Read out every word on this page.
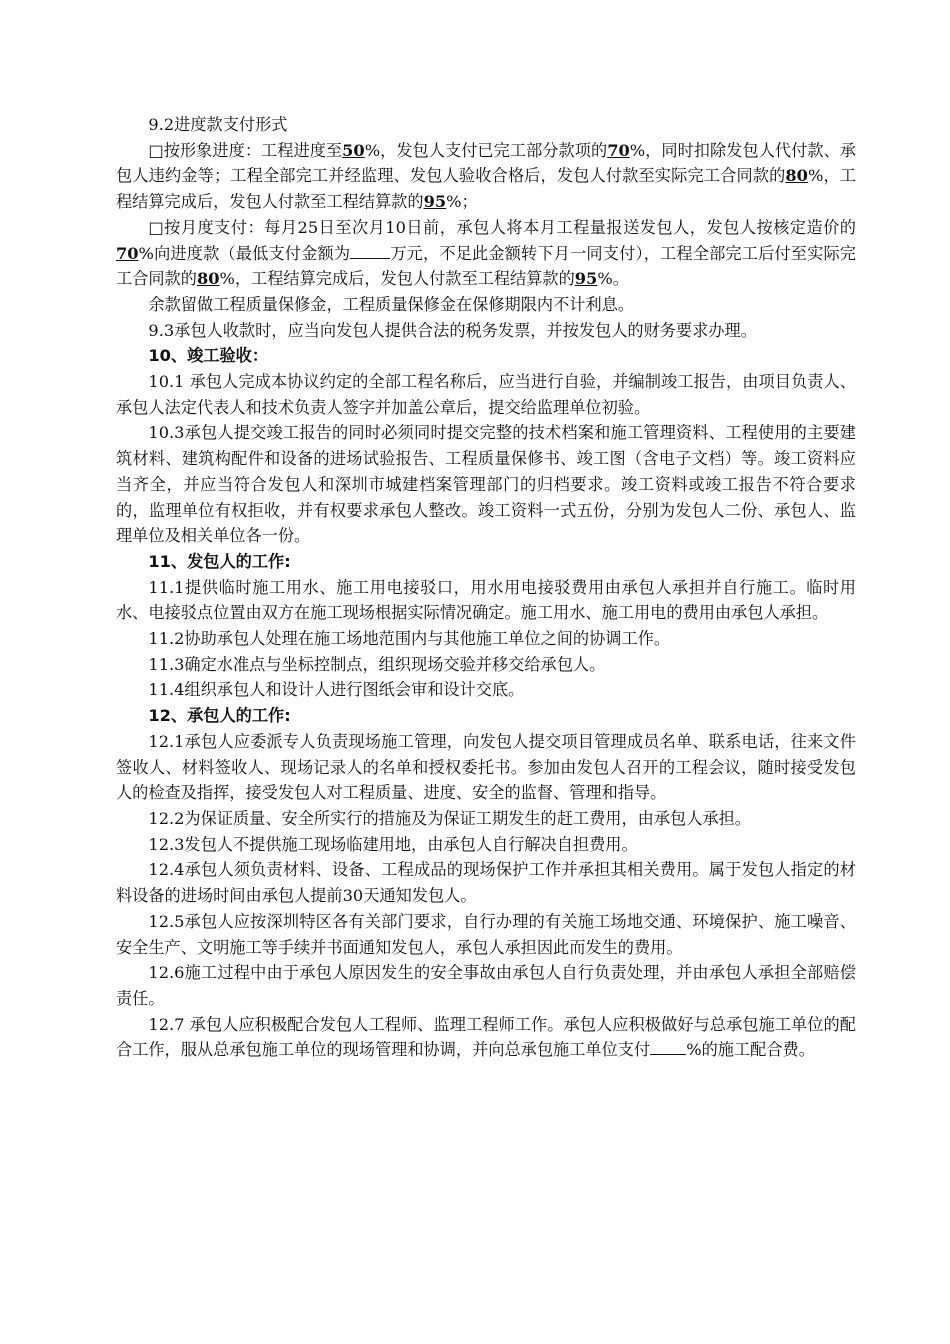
9.2进度款支付形式

□按形象进度：工程进度至50%，发包人支付已完工部分款项的70%，同时扣除发包人代付款、承包人违约金等；工程全部完工并经监理、发包人验收合格后，发包人付款至实际完工合同款的80%，工程结算完成后，发包人付款至工程结算款的95%；

□按月度支付：每月25日至次月10日前，承包人将本月工程量报送发包人，发包人按核定造价的70%向进度款（最低支付金额为 万元，不足此金额转下月一同支付），工程全部完工后付至实际完工合同款的80%，工程结算完成后，发包人付款至工程结算款的95%。

余款留做工程质量保修金，工程质量保修金在保修期限内不计利息。

9.3承包人收款时，应当向发包人提供合法的税务发票，并按发包人的财务要求办理。

10、竣工验收：

10.1 承包人完成本协议约定的全部工程名称后，应当进行自验，并编制竣工报告，由项目负责人、承包人法定代表人和技术负责人签字并加盖公章后，提交给监理单位初验。

10.3承包人提交竣工报告的同时必须同时提交完整的技术档案和施工管理资料、工程使用的主要建筑材料、建筑构配件和设备的进场试验报告、工程质量保修书、竣工图（含电子文档）等。竣工资料应当齐全，并应当符合发包人和深圳市城建档案管理部门的归档要求。竣工资料或竣工报告不符合要求的，监理单位有权拒收，并有权要求承包人整改。竣工资料一式五份，分别为发包人二份、承包人、监理单位及相关单位各一份。

11、发包人的工作:

11.1提供临时施工用水、施工用电接驳口，用水用电接驳费用由承包人承担并自行施工。临时用水、电接驳点位置由双方在施工现场根据实际情况确定。施工用水、施工用电的费用由承包人承担。

11.2协助承包人处理在施工场地范围内与其他施工单位之间的协调工作。

11.3确定水准点与坐标控制点，组织现场交验并移交给承包人。

11.4组织承包人和设计人进行图纸会审和设计交底。

12、承包人的工作:

12.1承包人应委派专人负责现场施工管理，向发包人提交项目管理成员名单、联系电话，往来文件签收人、材料签收人、现场记录人的名单和授权委托书。参加由发包人召开的工程会议，随时接受发包人的检查及指挥，接受发包人对工程质量、进度、安全的监督、管理和指导。

12.2为保证质量、安全所实行的措施及为保证工期发生的赶工费用，由承包人承担。

12.3发包人不提供施工现场临建用地，由承包人自行解决自担费用。

12.4承包人须负责材料、设备、工程成品的现场保护工作并承担其相关费用。属于发包人指定的材料设备的进场时间由承包人提前30天通知发包人。

12.5承包人应按深圳特区各有关部门要求，自行办理的有关施工场地交通、环境保护、施工噪音、安全生产、文明施工等手续并书面通知发包人，承包人承担因此而发生的费用。

12.6施工过程中由于承包人原因发生的安全事故由承包人自行负责处理，并由承包人承担全部赔偿责任。

12.7 承包人应积极配合发包人工程师、监理工程师工作。承包人应积极做好与总承包施工单位的配合工作，服从总承包施工单位的现场管理和协调，并向总承包施工单位支付 %的施工配合费。
